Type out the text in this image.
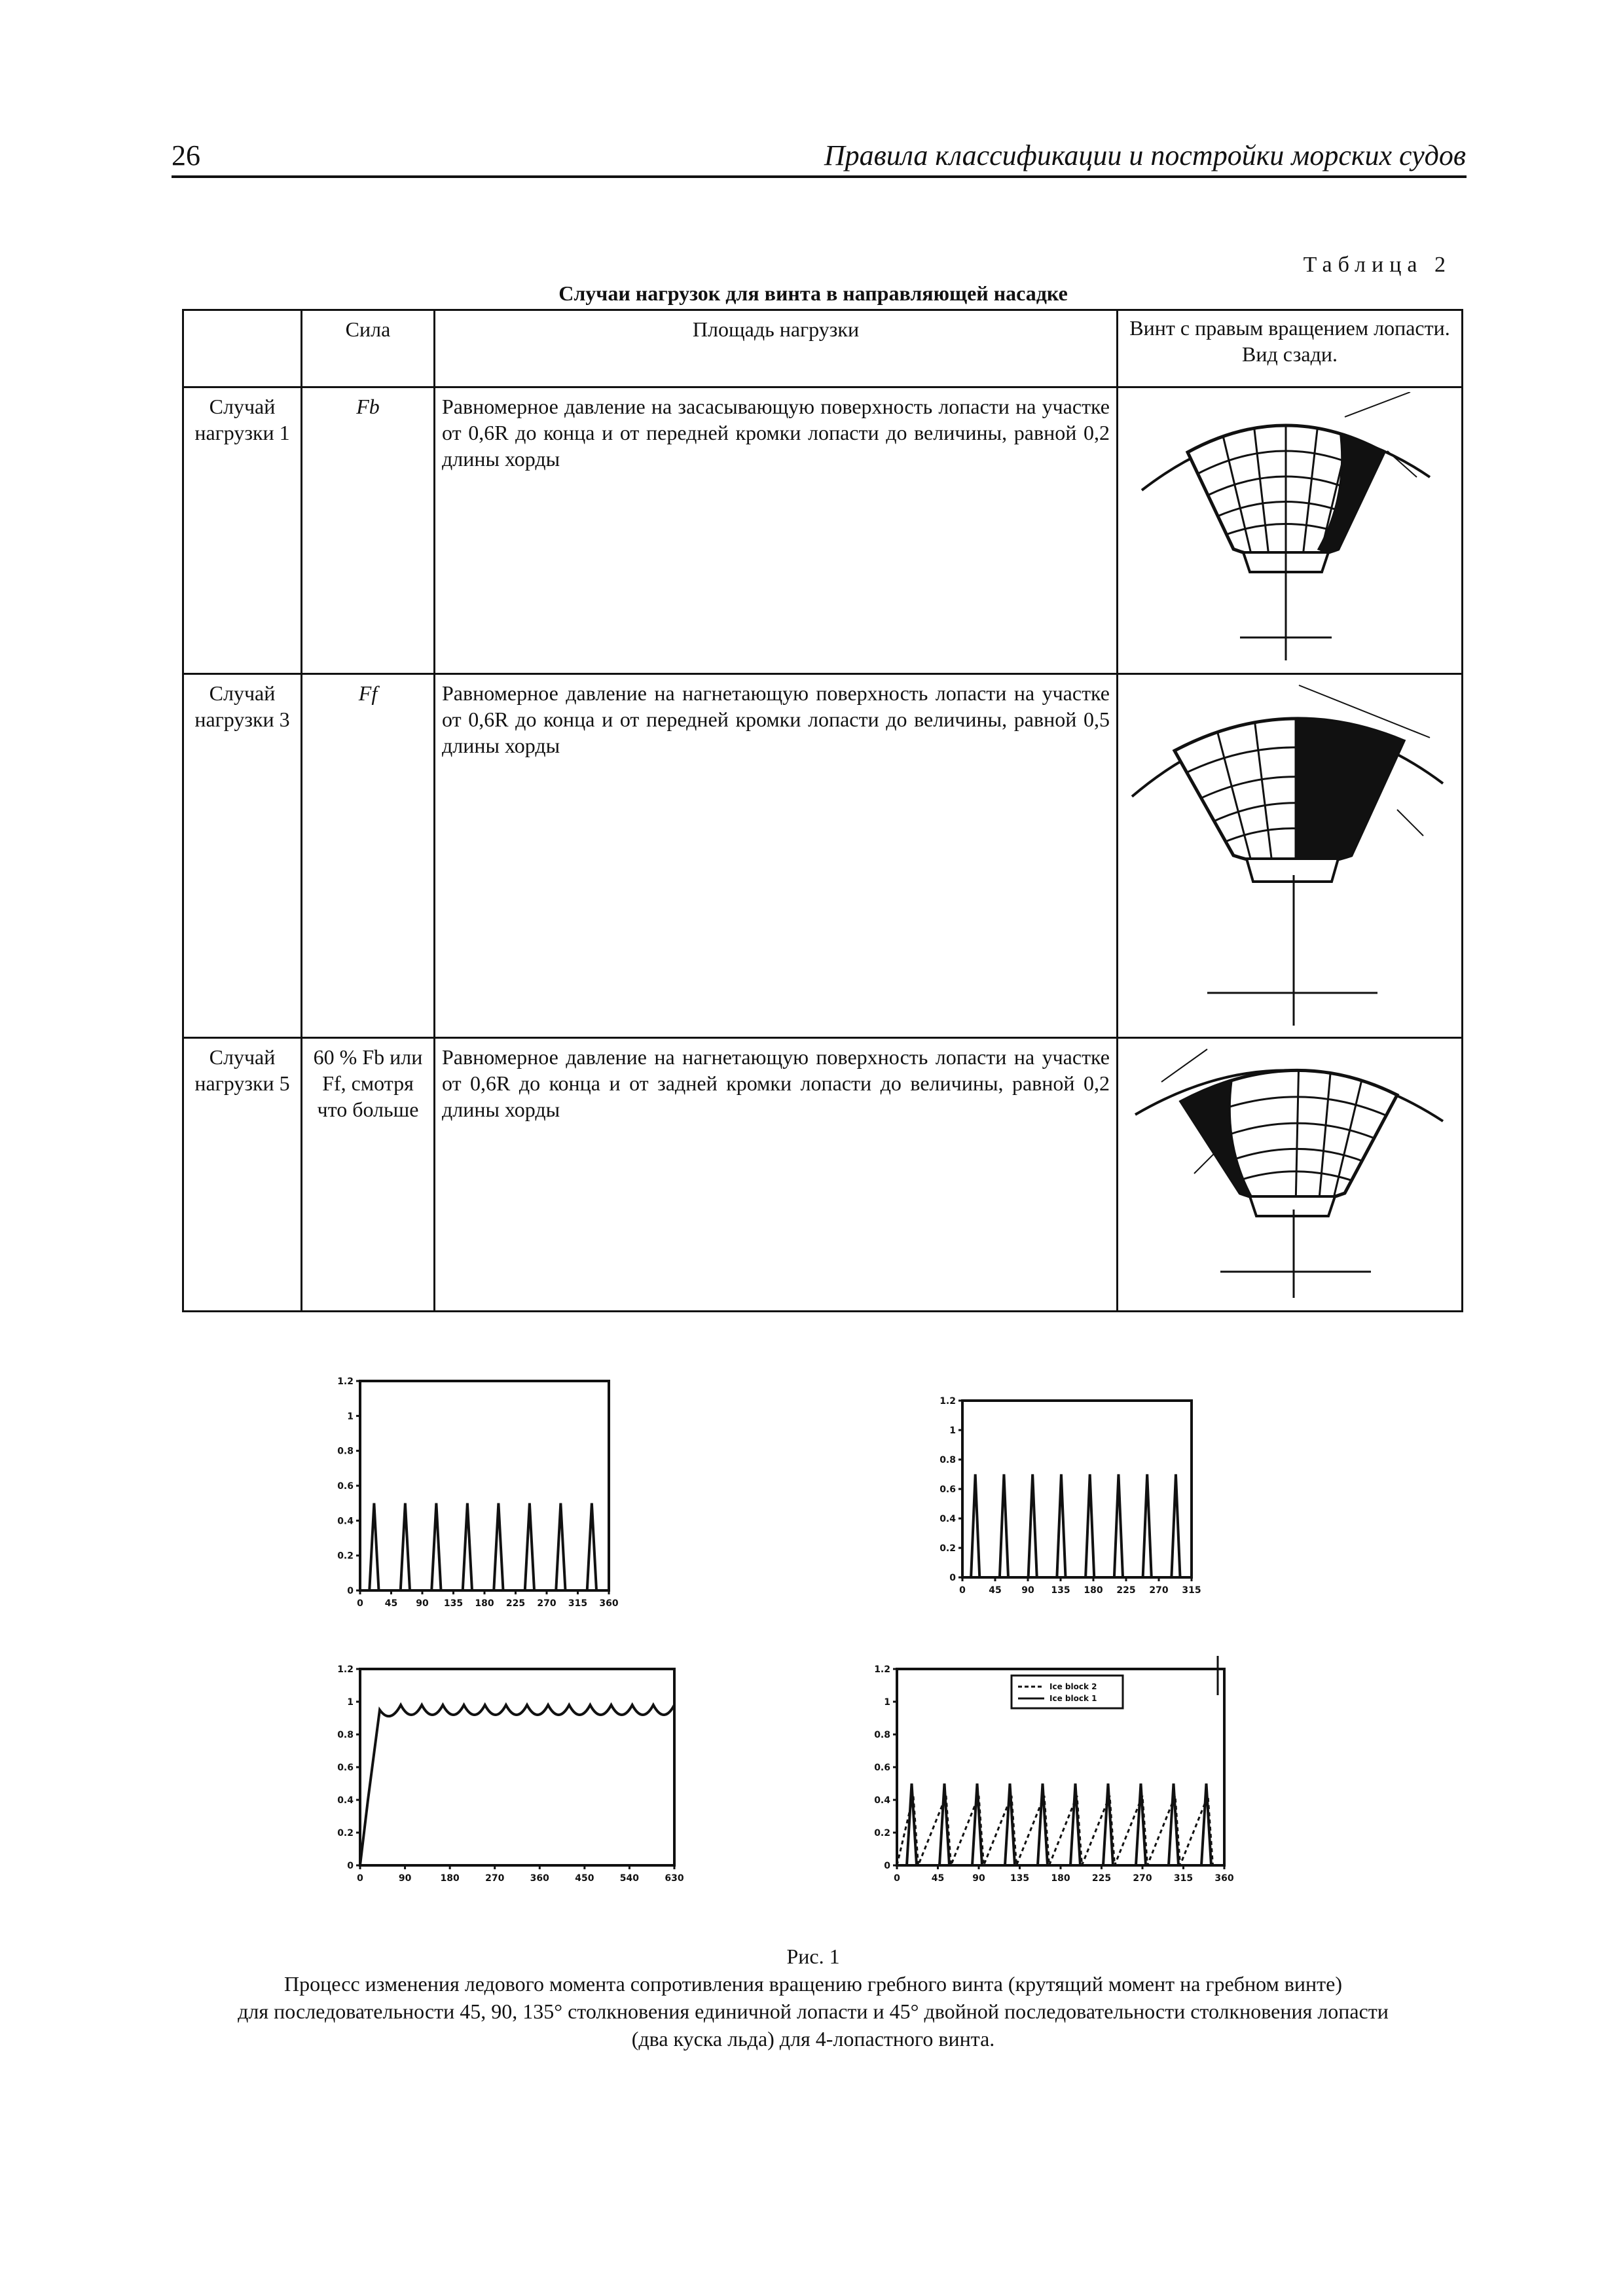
26	Правила классификации и постройки морских судов
Таблица 2
Случаи нагрузок для винта в направляющей насадке
	Сила	Площадь нагрузки	Винт с правым вращением лопасти. Вид сзади.
Случай нагрузки 1	Fb	Равномерное давление на засасывающую поверхность лопасти на участке от 0,6R до конца и от передней кромки лопасти до величины, равной 0,2 длины хорды	

Случай нагрузки 3	Ff	Равномерное давление на нагнетающую поверхность лопасти на участке от 0,6R до конца и от передней кромки лопасти до величины, равной 0,5 длины хорды	

Случай нагрузки 5	60 % Fb или Ff, смотря что больше	Равномерное давление на нагнетающую поверхность лопасти на участке от 0,6R до конца и от задней кромки лопасти до величины, равной 0,2 длины хорды	
1.2
1
0.8
0.6
0.4
0.2
0
0 45 90 135 180 225 270 315 360
1.2
1
0.8
0.6
0.4
0.2
0
0	45 90 135 180 225 270 315
1.2
1
0.8
0.6
0.4
0.2
0
0	90	180	270	360	450	540	630
1.2
1
0.8
0.6
0.4
0.2
0
0	45	90	135 180 225 270 315 360
Ice block 2
Ice block 1
Рис. 1
Процесс изменения ледового момента сопротивления вращению гребного винта (крутящий момент на гребном винте)
для последовательности 45, 90, 135° столкновения единичной лопасти и 45° двойной последовательности столкновения лопасти
(два куска льда) для 4-лопастного винта.
